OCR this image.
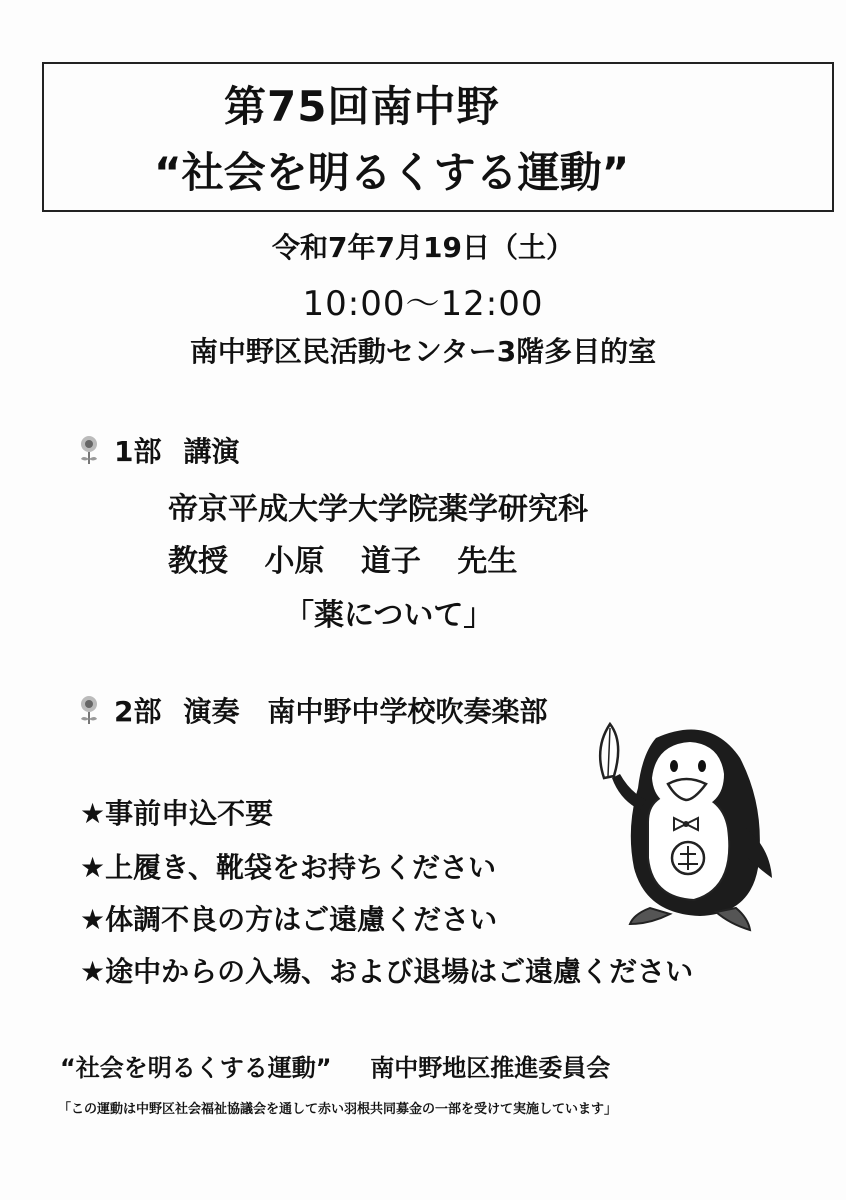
第75回南中野
“社会を明るくする運動”
令和7年7月19日（土）
10:00～12:00
南中野区民活動センター3階多目的室
1部 講演
帝京平成大学大学院薬学研究科
教授 小原 道子 先生
「薬について」
2部 演奏　南中野中学校吹奏楽部
★事前申込不要
★上履き、靴袋をお持ちください
★体調不良の方はご遠慮ください
★途中からの入場、および退場はご遠慮ください
“社会を明るくする運動” 南中野地区推進委員会
「この運動は中野区社会福祉協議会を通して赤い羽根共同募金の一部を受けて実施しています」
